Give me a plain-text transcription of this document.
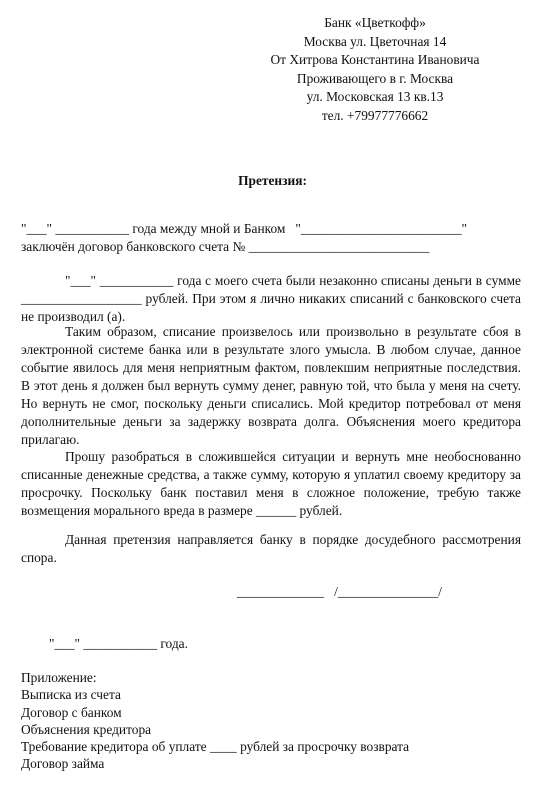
Банк «Цветкофф»
Москва ул. Цветочная 14
От Хитрова Константина Ивановича
Проживающего в г. Москва
ул. Московская 13 кв.13
тел. +79977776662
Претензия:
"___" ___________ года между мной и Банком   "________________________"
заключён договор банковского счета № ___________________________
"___" ___________ года с моего счета были незаконно списаны деньги в сумме __________________ рублей. При этом я лично никаких списаний с банковского счета не производил (а).
Таким образом, списание произвелось или произвольно в результате сбоя в электронной системе банка или в результате злого умысла. В любом случае, данное событие явилось для меня неприятным фактом, повлекшим неприятные последствия. В этот день я должен был вернуть сумму денег, равную той, что была у меня на счету. Но вернуть не смог, поскольку деньги списались. Мой кредитор потребовал от меня дополнительные деньги за задержку возврата долга. Объяснения моего кредитора прилагаю.
Прошу разобраться в сложившейся ситуации и вернуть мне необоснованно списанные денежные средства, а также сумму, которую я уплатил своему кредитору за просрочку. Поскольку банк поставил меня в сложное положение, требую также возмещения морального вреда в размере ______ рублей.
Данная претензия направляется банку в порядке досудебного рассмотрения спора.
_____________   /_______________/
"___" ___________ года.
Приложение:
Выписка из счета
Договор с банком
Объяснения кредитора
Требование кредитора об уплате ____ рублей за просрочку возврата
Договор займа
